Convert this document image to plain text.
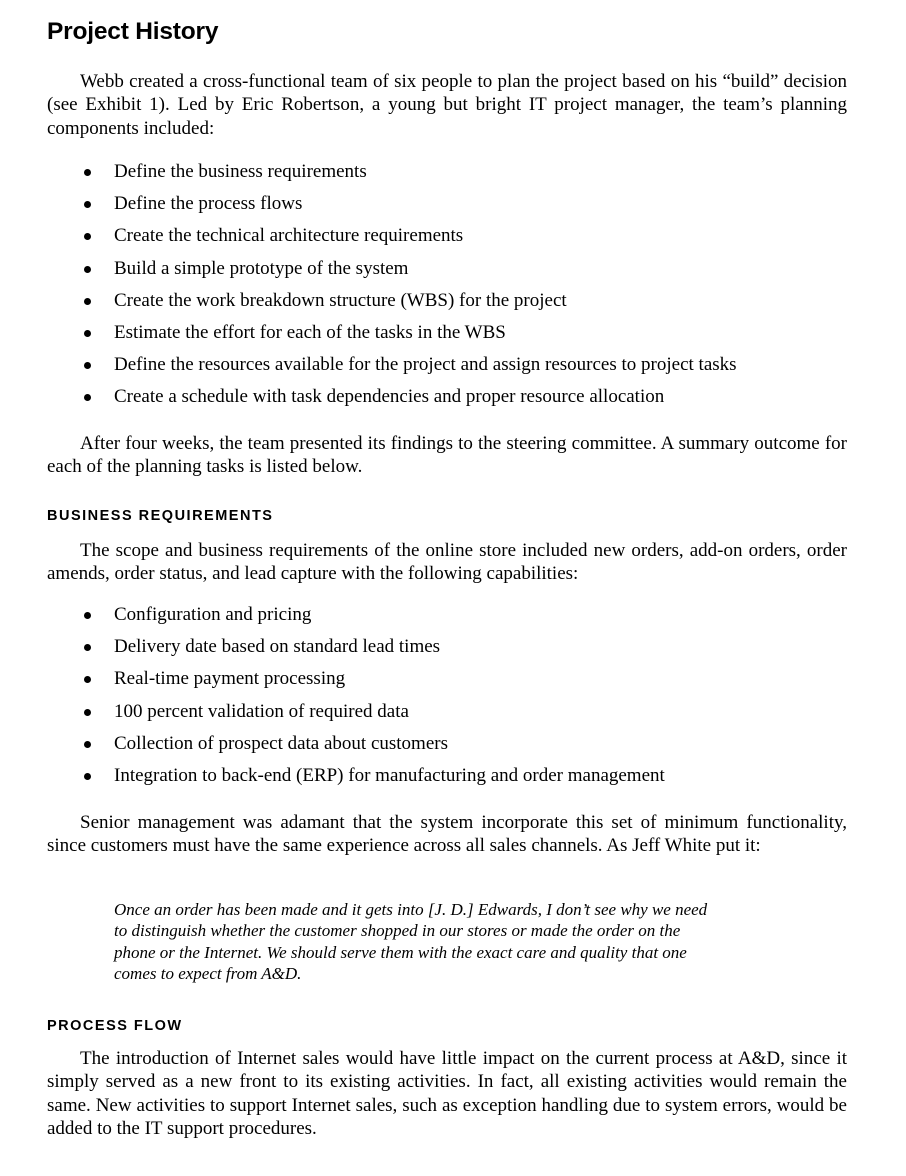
Project History

Webb created a cross-functional team of six people to plan the project based on his “build” decision (see Exhibit 1). Led by Eric Robertson, a young but bright IT project manager, the team’s planning components included:

Define the business requirements
Define the process flows
Create the technical architecture requirements
Build a simple prototype of the system
Create the work breakdown structure (WBS) for the project
Estimate the effort for each of the tasks in the WBS
Define the resources available for the project and assign resources to project tasks
Create a schedule with task dependencies and proper resource allocation

After four weeks, the team presented its findings to the steering committee. A summary outcome for each of the planning tasks is listed below.

BUSINESS REQUIREMENTS

The scope and business requirements of the online store included new orders, add-on orders, order amends, order status, and lead capture with the following capabilities:

Configuration and pricing
Delivery date based on standard lead times
Real-time payment processing
100 percent validation of required data
Collection of prospect data about customers
Integration to back-end (ERP) for manufacturing and order management

Senior management was adamant that the system incorporate this set of minimum functionality, since customers must have the same experience across all sales channels. As Jeff White put it:

Once an order has been made and it gets into [J. D.] Edwards, I don’t see why we need
to distinguish whether the customer shopped in our stores or made the order on the
phone or the Internet. We should serve them with the exact care and quality that one
comes to expect from A&D.
PROCESS FLOW

The introduction of Internet sales would have little impact on the current process at A&D, since it simply served as a new front to its existing activities. In fact, all existing activities would remain the same. New activities to support Internet sales, such as exception handling due to system errors, would be added to the IT support procedures.
